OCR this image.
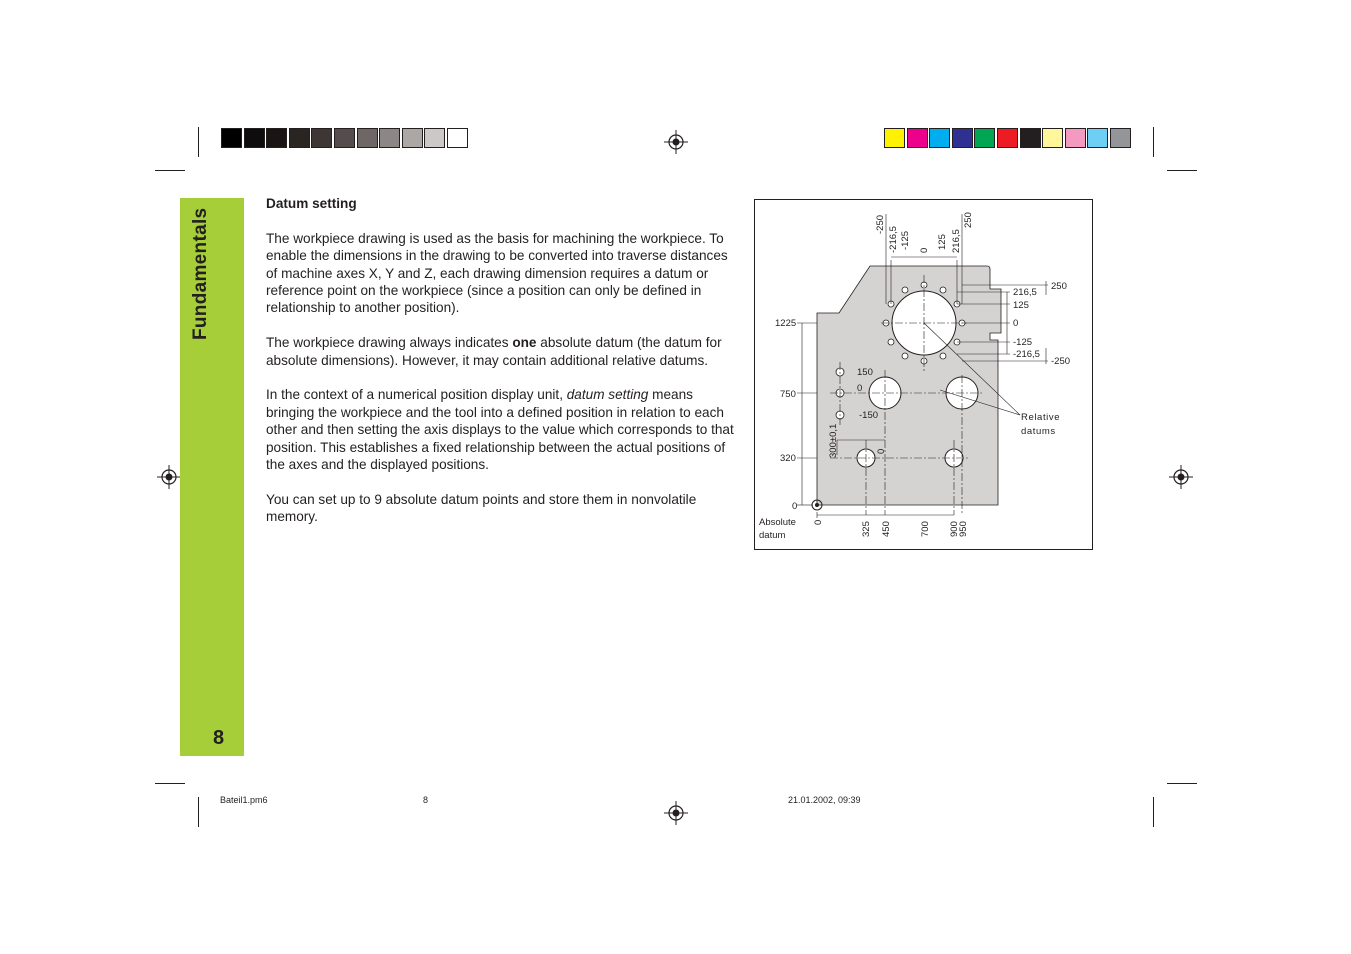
Fundamentals
8
Datum setting

The workpiece drawing is used as the basis for machining the workpiece. To enable the dimensions in the drawing to be converted into traverse distances of machine axes X, Y and Z, each drawing dimension requires a datum or reference point on the workpiece (since a position can only be defined in relationship to another position).

The workpiece drawing always indicates one absolute datum (the datum for absolute dimensions). However, it may contain additional relative datums.

In the context of a numerical position display unit, datum setting means bringing the workpiece and the tool into a defined position in relation to each other and then setting the axis displays to the value which corresponds to that position. This establishes a fixed relationship between the actual positions of the axes and the displayed positions.

You can set up to 9 absolute datum points and store them in nonvolatile memory.

1225
750
320
0
0	325 450	700 900
950
-250
-216,5 -125
0
125 216,5
250
250
216,5
125
0
-125
-216,5
-250
150
0
-150
0
300±0,1
Absolute
datum
Relative
datums
Bateil1.pm6	8	21.01.2002, 09:39
